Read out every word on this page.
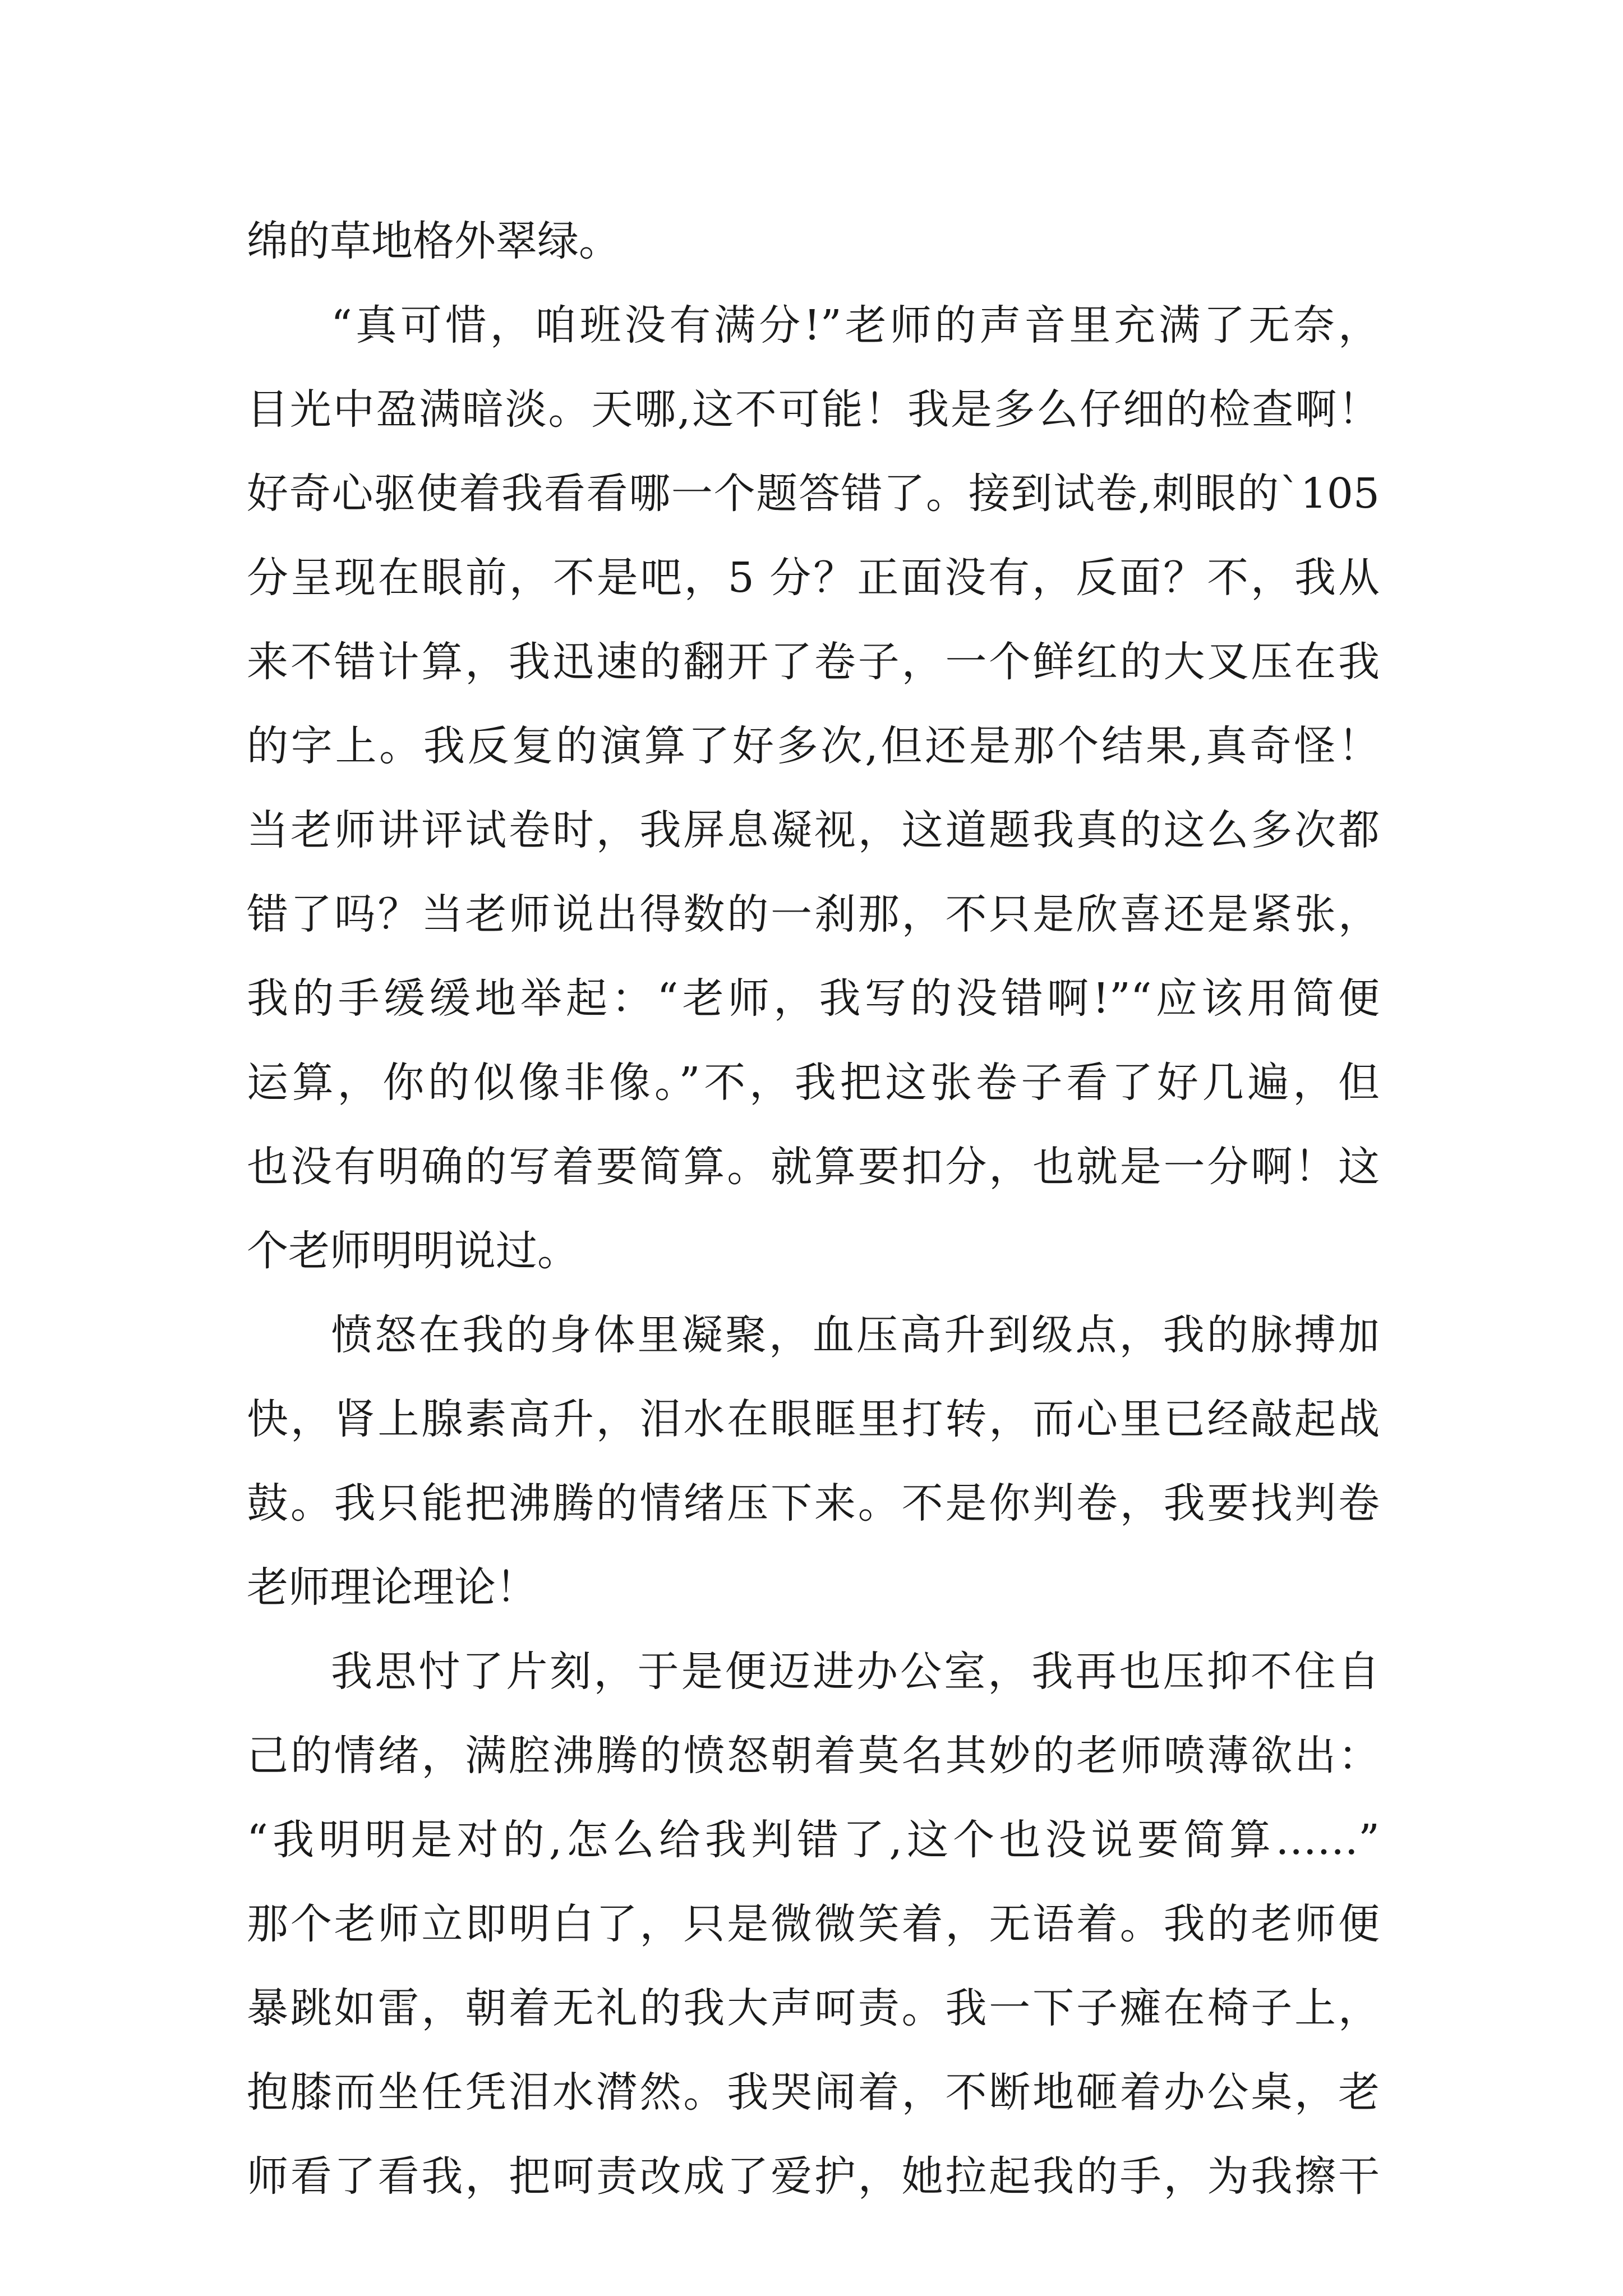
绵的草地格外翠绿。
“真可惜，咱班没有满分!”老师的声音里充满了无奈，
目光中盈满暗淡。天哪,这不可能！我是多么仔细的检查啊！
好奇心驱使着我看看哪一个题答错了。接到试卷,刺眼的`105
分呈现在眼前，不是吧，5 分？正面没有，反面？不，我从
来不错计算，我迅速的翻开了卷子，一个鲜红的大叉压在我
的字上。我反复的演算了好多次,但还是那个结果,真奇怪！
当老师讲评试卷时，我屏息凝视，这道题我真的这么多次都
错了吗？当老师说出得数的一刹那，不只是欣喜还是紧张，
我的手缓缓地举起：“老师，我写的没错啊!”“应该用简便
运算，你的似像非像。”不，我把这张卷子看了好几遍，但
也没有明确的写着要简算。就算要扣分，也就是一分啊！这
个老师明明说过。
愤怒在我的身体里凝聚，血压高升到级点，我的脉搏加
快，肾上腺素高升，泪水在眼眶里打转，而心里已经敲起战
鼓。我只能把沸腾的情绪压下来。不是你判卷，我要找判卷
老师理论理论！
我思忖了片刻，于是便迈进办公室，我再也压抑不住自
己的情绪，满腔沸腾的愤怒朝着莫名其妙的老师喷薄欲出：
“我明明是对的,怎么给我判错了,这个也没说要简算……”
那个老师立即明白了，只是微微笑着，无语着。我的老师便
暴跳如雷，朝着无礼的我大声呵责。我一下子瘫在椅子上，
抱膝而坐任凭泪水潸然。我哭闹着，不断地砸着办公桌，老
师看了看我，把呵责改成了爱护，她拉起我的手，为我擦干
